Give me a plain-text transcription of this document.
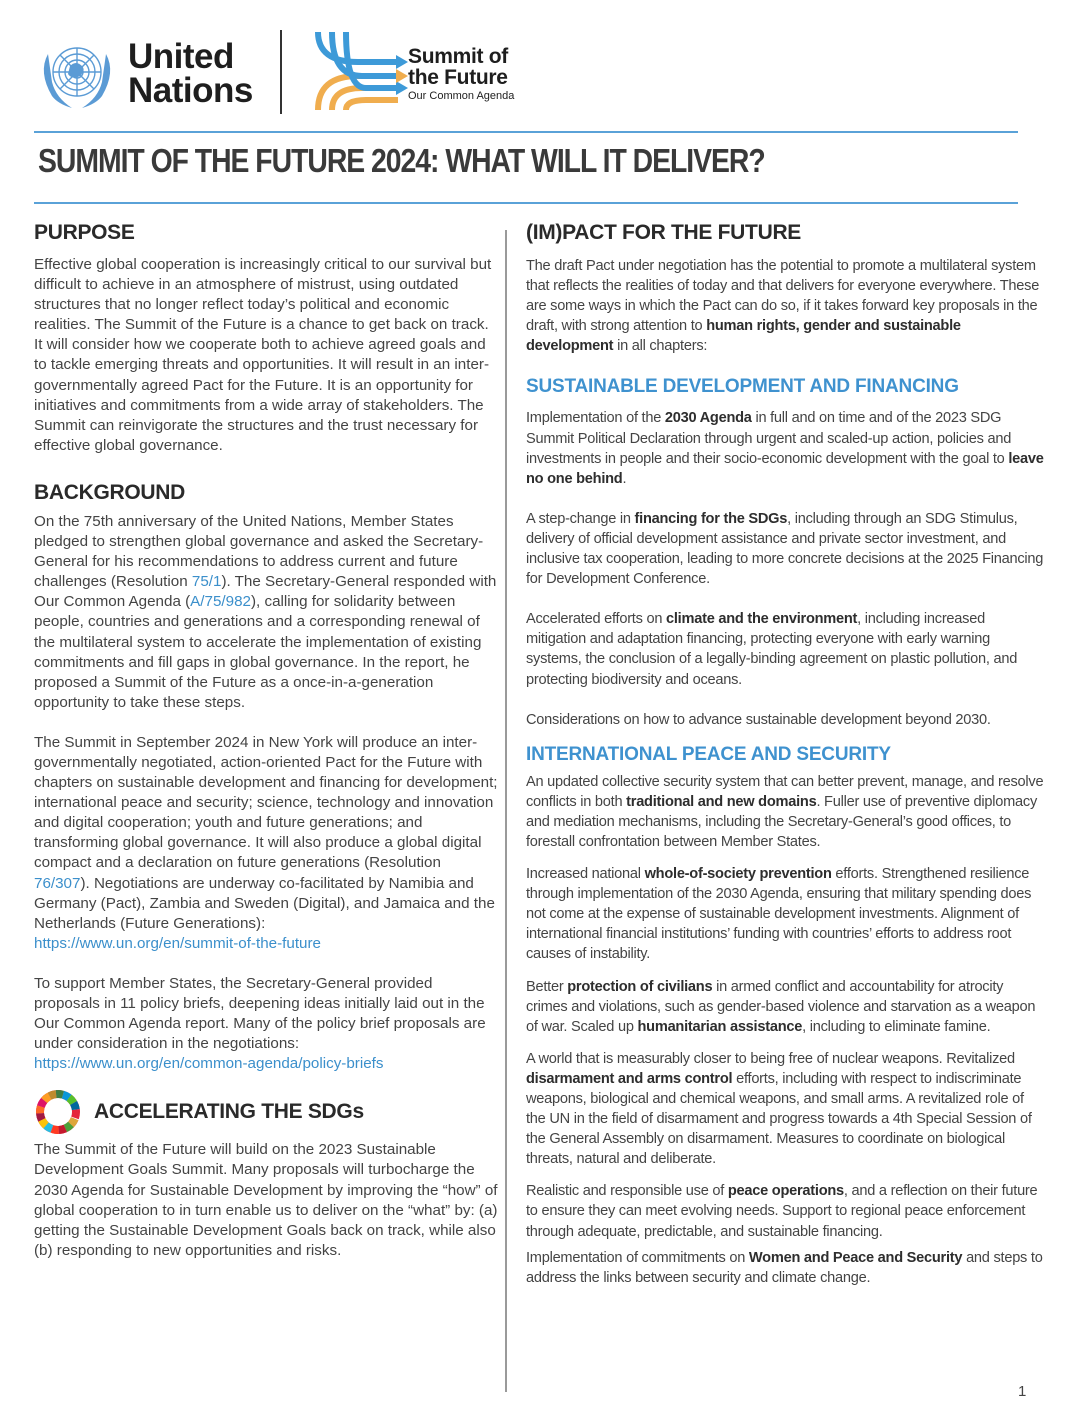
United
Nations
Summit of
the Future
Our Common Agenda
SUMMIT OF THE FUTURE 2024: WHAT WILL IT DELIVER?
PURPOSE

Effective global cooperation is increasingly critical to our survival but difficult to achieve in an atmosphere of mistrust, using outdated structures that no longer reflect today’s political and economic realities. The Summit of the Future is a chance to get back on track. It will consider how we cooperate both to achieve agreed goals and to tackle emerging threats and opportunities. It will result in an inter-governmentally agreed Pact for the Future. It is an opportunity for initiatives and commitments from a wide array of stakeholders. The Summit can reinvigorate the structures and the trust necessary for effective global governance.

BACKGROUND

On the 75th anniversary of the United Nations, Member States pledged to strengthen global governance and asked the Secretary-General for his recommendations to address current and future challenges (Resolution 75/1). The Secretary-General responded with Our Common Agenda (A/75/982), calling for solidarity between people, countries and generations and a corresponding renewal of the multilateral system to accelerate the implementation of existing commitments and fill gaps in global governance. In the report, he proposed a Summit of the Future as a once-in-a-generation opportunity to take these steps.

The Summit in September 2024 in New York will produce an inter-governmentally negotiated, action-oriented Pact for the Future with chapters on sustainable development and financing for development; international peace and security; science, technology and innovation and digital cooperation; youth and future generations; and transforming global governance. It will also produce a global digital compact and a declaration on future generations (Resolution 76/307). Negotiations are underway co-facilitated by Namibia and Germany (Pact), Zambia and Sweden (Digital), and Jamaica and the Netherlands (Future Generations):
https://www.un.org/en/summit-of-the-future

To support Member States, the Secretary-General provided proposals in 11 policy briefs, deepening ideas initially laid out in the Our Common Agenda report. Many of the policy brief proposals are under consideration in the negotiations:
https://www.un.org/en/common-agenda/policy-briefs

ACCELERATING THE SDGs

The Summit of the Future will build on the 2023 Sustainable Development Goals Summit. Many proposals will turbocharge the 2030 Agenda for Sustainable Development by improving the “how” of global cooperation to in turn enable us to deliver on the “what” by: (a) getting the Sustainable Development Goals back on track, while also (b) responding to new opportunities and risks.

(IM)PACT FOR THE FUTURE

The draft Pact under negotiation has the potential to promote a multilateral system that reflects the realities of today and that delivers for everyone everywhere. These are some ways in which the Pact can do so, if it takes forward key proposals in the draft, with strong attention to human rights, gender and sustainable development in all chapters:

SUSTAINABLE DEVELOPMENT AND FINANCING

Implementation of the 2030 Agenda in full and on time and of the 2023 SDG Summit Political Declaration through urgent and scaled-up action, policies and investments in people and their socio-economic development with the goal to leave no one behind.

A step-change in financing for the SDGs, including through an SDG Stimulus, delivery of official development assistance and private sector investment, and inclusive tax cooperation, leading to more concrete decisions at the 2025 Financing for Development Conference.

Accelerated efforts on climate and the environment, including increased mitigation and adaptation financing, protecting everyone with early warning systems, the conclusion of a legally-binding agreement on plastic pollution, and protecting biodiversity and oceans.

Considerations on how to advance sustainable development beyond 2030.

INTERNATIONAL PEACE AND SECURITY

An updated collective security system that can better prevent, manage, and resolve conflicts in both traditional and new domains. Fuller use of preventive diplomacy and mediation mechanisms, including the Secretary-General’s good offices, to forestall confrontation between Member States.

Increased national whole-of-society prevention efforts. Strengthened resilience through implementation of the 2030 Agenda, ensuring that military spending does not come at the expense of sustainable development investments. Alignment of international financial institutions’ funding with countries’ efforts to address root causes of instability.

Better protection of civilians in armed conflict and accountability for atrocity crimes and violations, such as gender-based violence and starvation as a weapon of war. Scaled up humanitarian assistance, including to eliminate famine.

A world that is measurably closer to being free of nuclear weapons. Revitalized disarmament and arms control efforts, including with respect to indiscriminate weapons, biological and chemical weapons, and small arms. A revitalized role of the UN in the field of disarmament and progress towards a 4th Special Session of the General Assembly on disarmament. Measures to coordinate on biological threats, natural and deliberate.

Realistic and responsible use of peace operations, and a reflection on their future to ensure they can meet evolving needs. Support to regional peace enforcement through adequate, predictable, and sustainable financing.

Implementation of commitments on Women and Peace and Security and steps to address the links between security and climate change.

1
